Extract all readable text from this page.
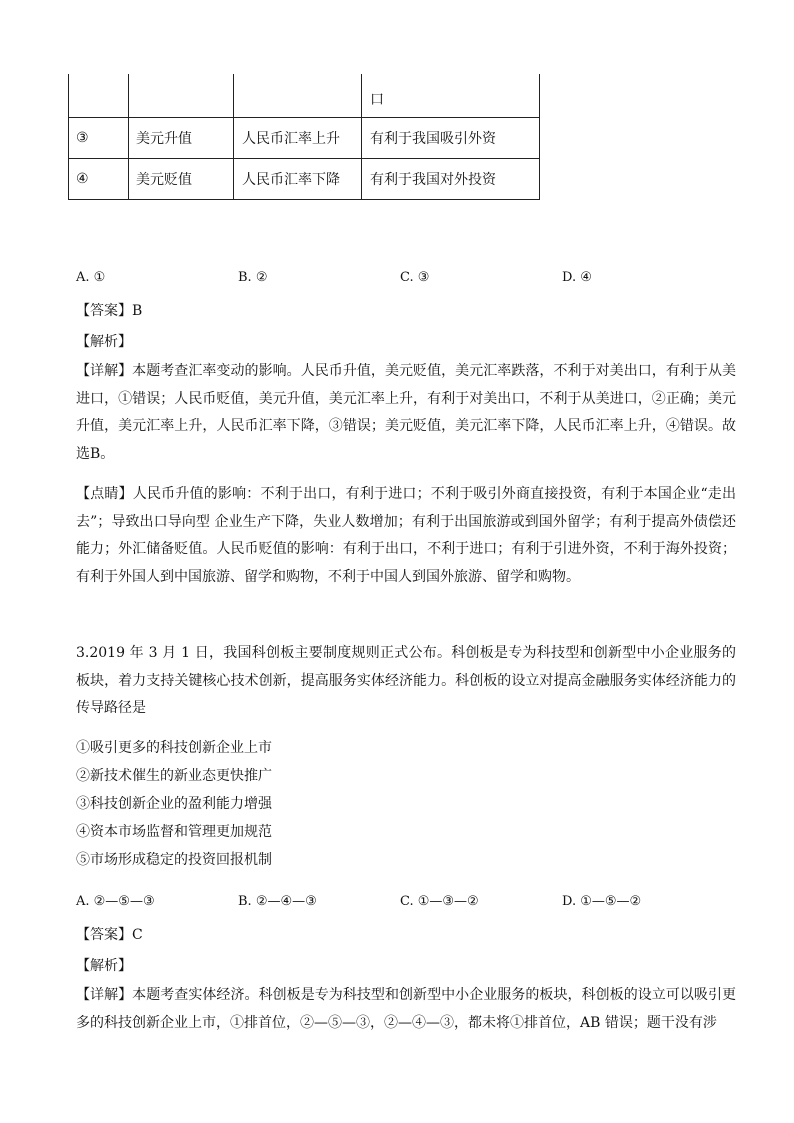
			口
③	美元升值	人民币汇率上升	有利于我国吸引外资
④	美元贬值	人民币汇率下降	有利于我国对外投资
A. ①	B. ②	C. ③	D. ④
【答案】B
【解析】
【详解】本题考查汇率变动的影响。人民币升值，美元贬值，美元汇率跌落，不利于对美出口，有利于从美进口，①错误；人民币贬值，美元升值，美元汇率上升，有利于对美出口，不利于从美进口，②正确；美元升值，美元汇率上升，人民币汇率下降，③错误；美元贬值，美元汇率下降，人民币汇率上升，④错误。故选B。
【点睛】人民币升值的影响：不利于出口，有利于进口；不利于吸引外商直接投资，有利于本国企业“走出去”；导致出口导向型 企业生产下降，失业人数增加；有利于出国旅游或到国外留学；有利于提高外债偿还能力；外汇储备贬值。人民币贬值的影响：有利于出口，不利于进口；有利于引进外资，不利于海外投资；有利于外国人到中国旅游、留学和购物，不利于中国人到国外旅游、留学和购物。
3.2019 年 3 月 1 日，我国科创板主要制度规则正式公布。科创板是专为科技型和创新型中小企业服务的板块，着力支持关键核心技术创新，提高服务实体经济能力。科创板的设立对提高金融服务实体经济能力的传导路径是
①吸引更多的科技创新企业上市
②新技术催生的新业态更快推广
③科技创新企业的盈利能力增强
④资本市场监督和管理更加规范
⑤市场形成稳定的投资回报机制
A. ②—⑤—③	B. ②—④—③	C. ①—③—②	D. ①—⑤—②
【答案】C
【解析】
【详解】本题考查实体经济。科创板是专为科技型和创新型中小企业服务的板块，科创板的设立可以吸引更多的科技创新企业上市，①排首位，②—⑤—③，②—④—③，都未将①排首位，AB 错误；题干没有涉
